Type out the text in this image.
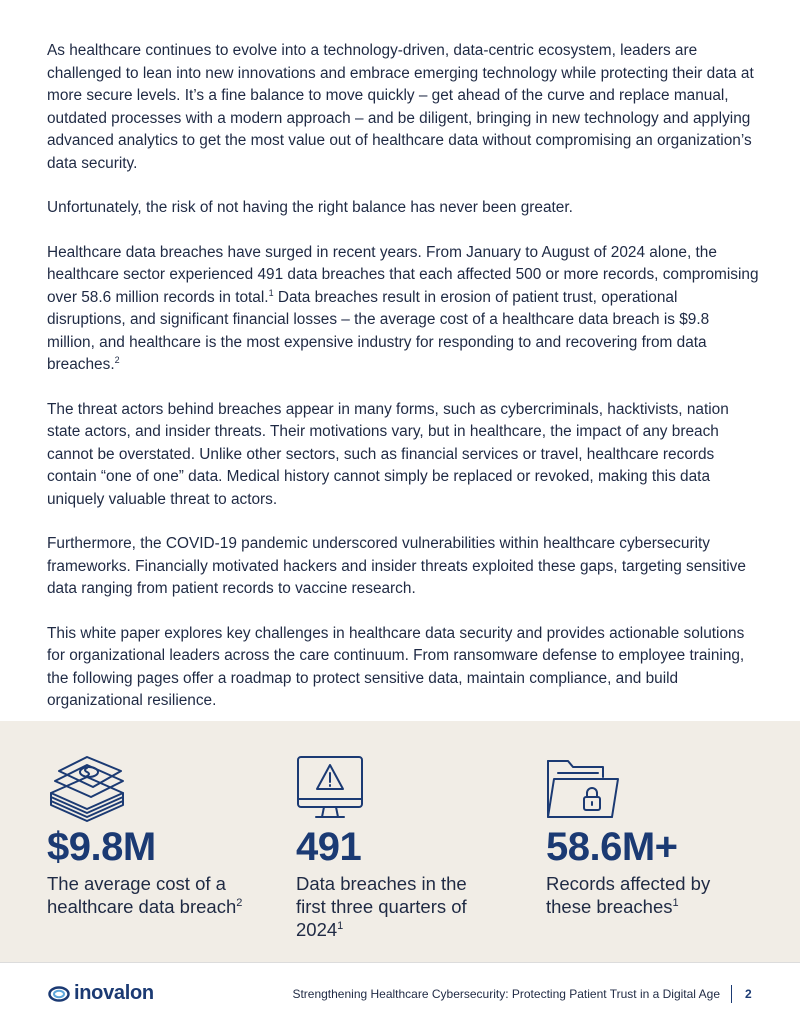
As healthcare continues to evolve into a technology-driven, data-centric ecosystem, leaders are challenged to lean into new innovations and embrace emerging technology while protecting their data at more secure levels. It’s a fine balance to move quickly – get ahead of the curve and replace manual, outdated processes with a modern approach – and be diligent, bringing in new technology and applying advanced analytics to get the most value out of healthcare data without compromising an organization’s data security.

Unfortunately, the risk of not having the right balance has never been greater.

Healthcare data breaches have surged in recent years. From January to August of 2024 alone, the healthcare sector experienced 491 data breaches that each affected 500 or more records, compromising over 58.6 million records in total.$^1$ Data breaches result in erosion of patient trust, operational disruptions, and significant financial losses – the average cost of a healthcare data breach is $9.8 million, and healthcare is the most expensive industry for responding to and recovering from data breaches.$^2$

The threat actors behind breaches appear in many forms, such as cybercriminals, hacktivists, nation state actors, and insider threats. Their motivations vary, but in healthcare, the impact of any breach cannot be overstated. Unlike other sectors, such as financial services or travel, healthcare records contain “one of one” data. Medical history cannot simply be replaced or revoked, making this data uniquely valuable threat to actors.

Furthermore, the COVID-19 pandemic underscored vulnerabilities within healthcare cybersecurity frameworks. Financially motivated hackers and insider threats exploited these gaps, targeting sensitive data ranging from patient records to vaccine research.

This white paper explores key challenges in healthcare data security and provides actionable solutions for organizational leaders across the care continuum. From ransomware defense to employee training, the following pages offer a roadmap to protect sensitive data, maintain compliance, and build organizational resilience.

$9.8M
The average cost of a healthcare data breach$^2$
491
Data breaches in the first three quarters of 2024$^1$
58.6M+
Records affected by these breaches$^1$
inovalon	Strengthening Healthcare Cybersecurity: Protecting Patient Trust in a Digital Age 2
